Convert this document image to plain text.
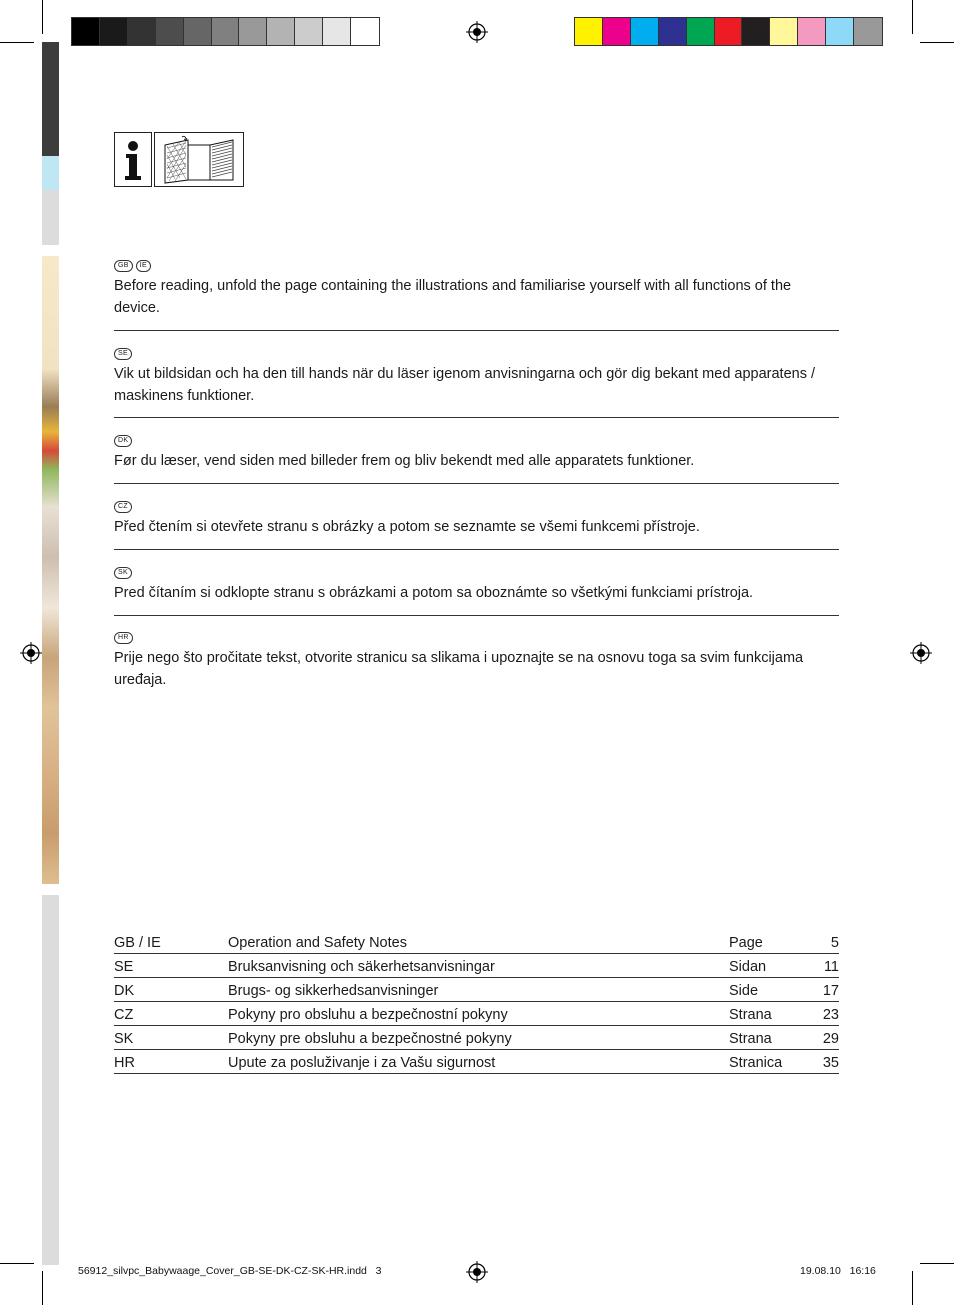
GB IE
Before reading, unfold the page containing the illustrations and familiarise yourself with all functions of the device.
SE
Vik ut bildsidan och ha den till hands när du läser igenom anvisningarna och gör dig bekant med apparatens / maskinens funktioner.
DK
Før du læser, vend siden med billeder frem og bliv bekendt med alle apparatets funktioner.
CZ
Před čtením si otevřete stranu s obrázky a potom se seznamte se všemi funkcemi přístroje.
SK
Pred čítaním si odklopte stranu s obrázkami a potom sa oboznámte so všetkými funkciami prístroja.
HR
Prije nego što pročitate tekst, otvorite stranicu sa slikama i upoznajte se na osnovu toga sa svim funkcijama uređaja.
GB / IE	Operation and Safety Notes	Page	5
SE	Bruksanvisning och säkerhetsanvisningar	Sidan	11
DK	Brugs- og sikkerhedsanvisninger	Side	17
CZ	Pokyny pro obsluhu a bezpečnostní pokyny	Strana	23
SK	Pokyny pre obsluhu a bezpečnostné pokyny	Strana	29
HR	Upute za posluživanje i za Vašu sigurnost	Stranica	35
56912_silvpc_Babywaage_Cover_GB-SE-DK-CZ-SK-HR.indd   3	19.08.10   16:16
